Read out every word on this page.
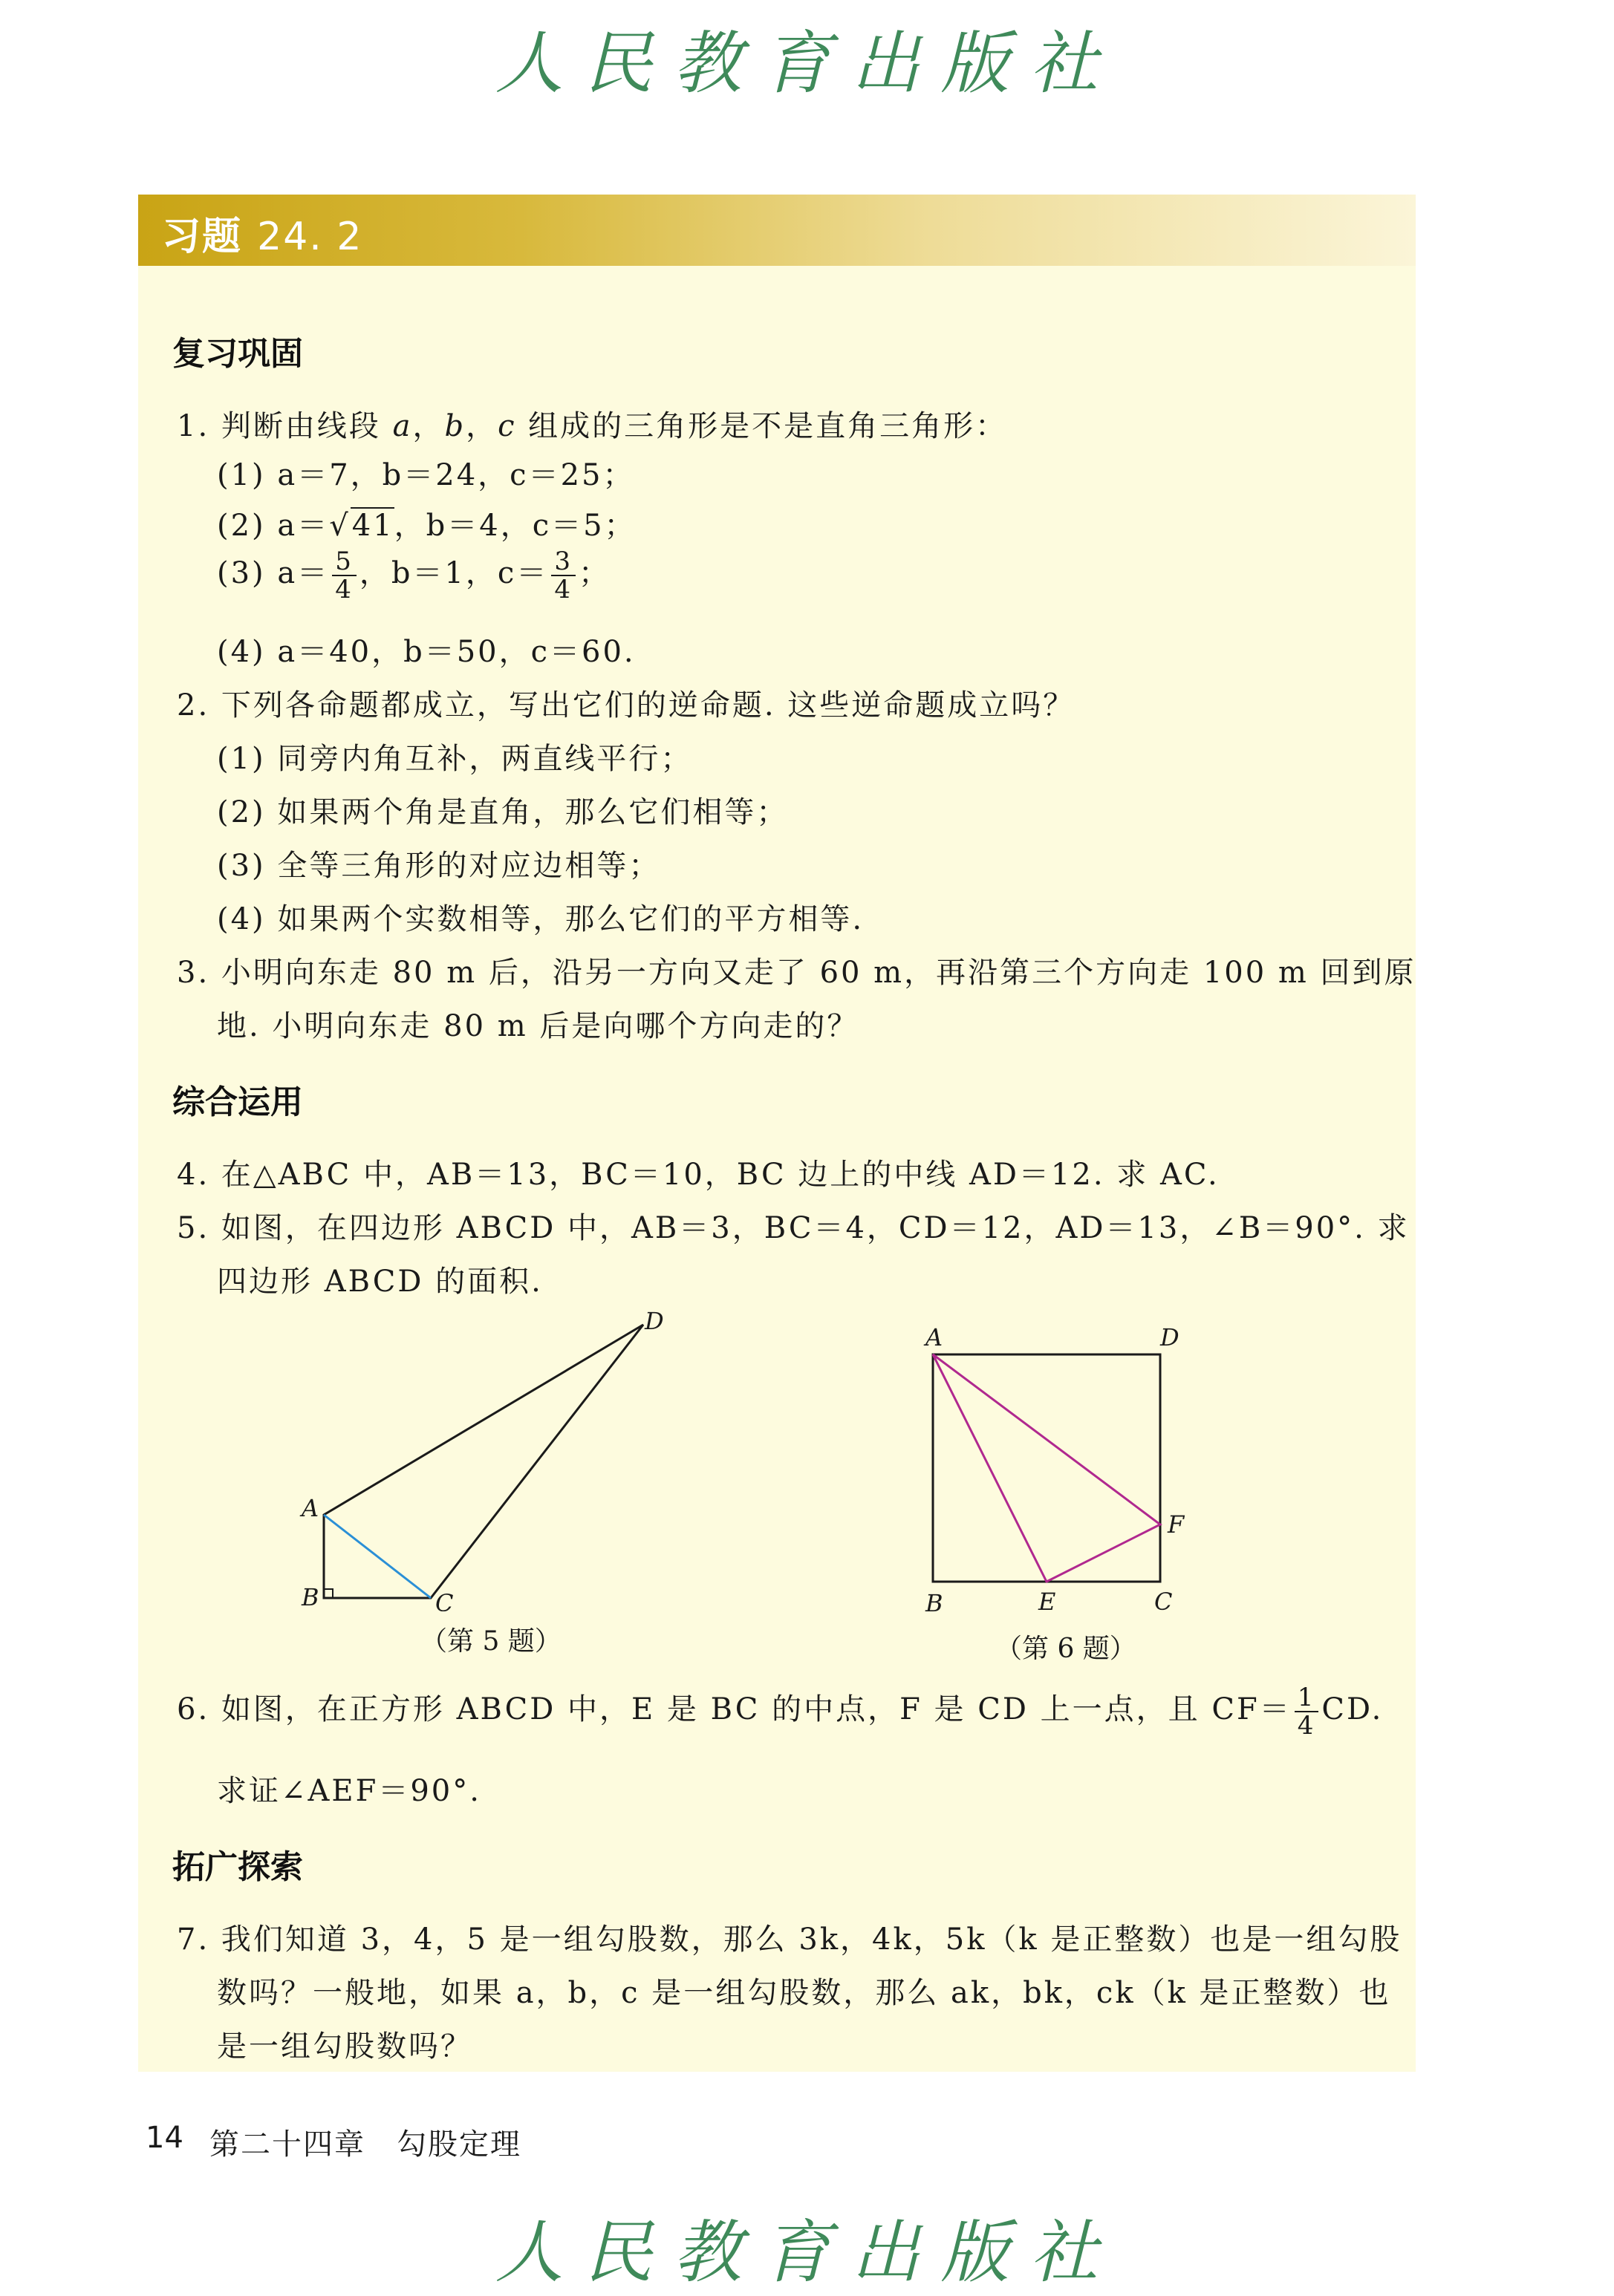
人民教育出版社
习题 24. 2
复习巩固
1. 判断由线段 a，b，c 组成的三角形是不是直角三角形：
(1) a＝7，b＝24，c＝25；
(2) a＝√41，b＝4，c＝5；
(3) $a= \frac{5}{4}$ ，b＝1，$c= \frac{3}{4}$ ；
(4) a＝40，b＝50，c＝60.
2. 下列各命题都成立，写出它们的逆命题. 这些逆命题成立吗？
(1) 同旁内角互补，两直线平行；
(2) 如果两个角是直角，那么它们相等；
(3) 全等三角形的对应边相等；
(4) 如果两个实数相等，那么它们的平方相等.
3. 小明向东走 80 m 后，沿另一方向又走了 60 m，再沿第三个方向走 100 m 回到原
地. 小明向东走 80 m 后是向哪个方向走的？
综合运用
4. 在△ABC 中，AB＝13，BC＝10，BC 边上的中线 AD＝12. 求 AC.
5. 如图，在四边形 ABCD 中，AB＝3，BC＝4，CD＝12，AD＝13，∠B＝90°. 求
四边形 ABCD 的面积.
A
B	C
D
（第 5 题）
A	D
B	E	C
F
（第 6 题）
6. 如图，在正方形 ABCD 中，E 是 BC 的中点，F 是 CD 上一点，且 $CF= \frac{1}{4}$ CD.
求证∠AEF＝90°.
拓广探索
7. 我们知道 3，4，5 是一组勾股数，那么 3k，4k，5k（k 是正整数）也是一组勾股
数吗？一般地，如果 a，b，c 是一组勾股数，那么 ak，bk，ck（k 是正整数）也
是一组勾股数吗？
14 第二十四章　勾股定理
人民教育出版社
